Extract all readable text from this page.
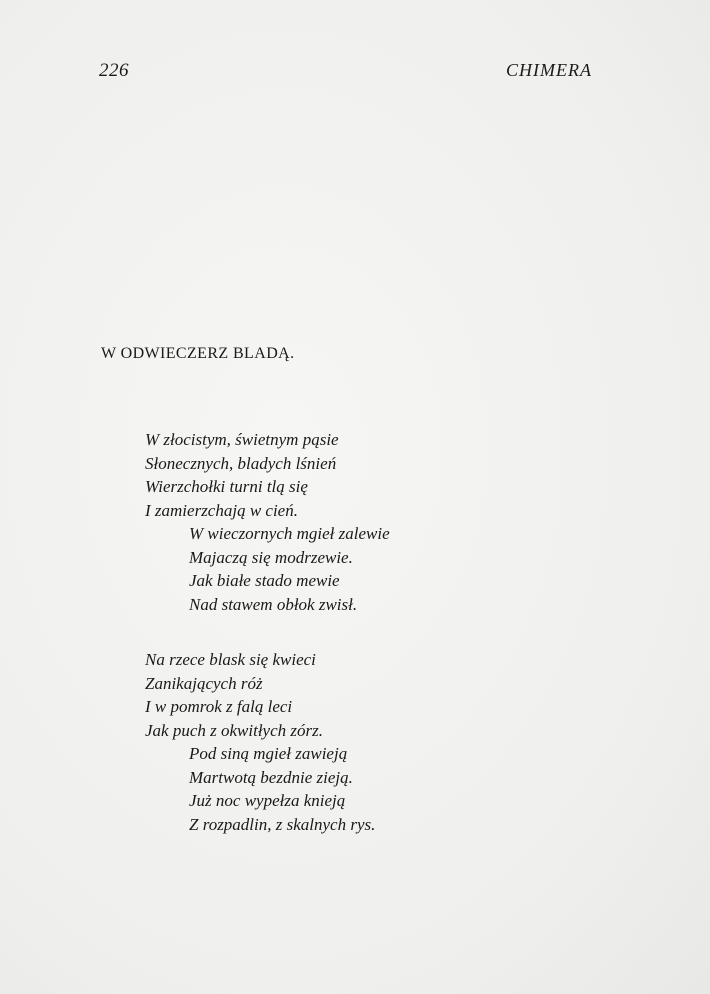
226	CHIMERA
W ODWIECZERZ BLADĄ.
W złocistym, świetnym pąsie
Słonecznych, bladych lśnień
Wierzchołki turni tlą się
I zamierzchają w cień.
W wieczornych mgieł zalewie
Majaczą się modrzewie.
Jak białe stado mewie
Nad stawem obłok zwisł.
Na rzece blask się kwieci
Zanikających róż
I w pomrok z falą leci
Jak puch z okwitłych zórz.
Pod siną mgieł zawieją
Martwotą bezdnie zieją.
Już noc wypełza knieją
Z rozpadlin, z skalnych rys.
